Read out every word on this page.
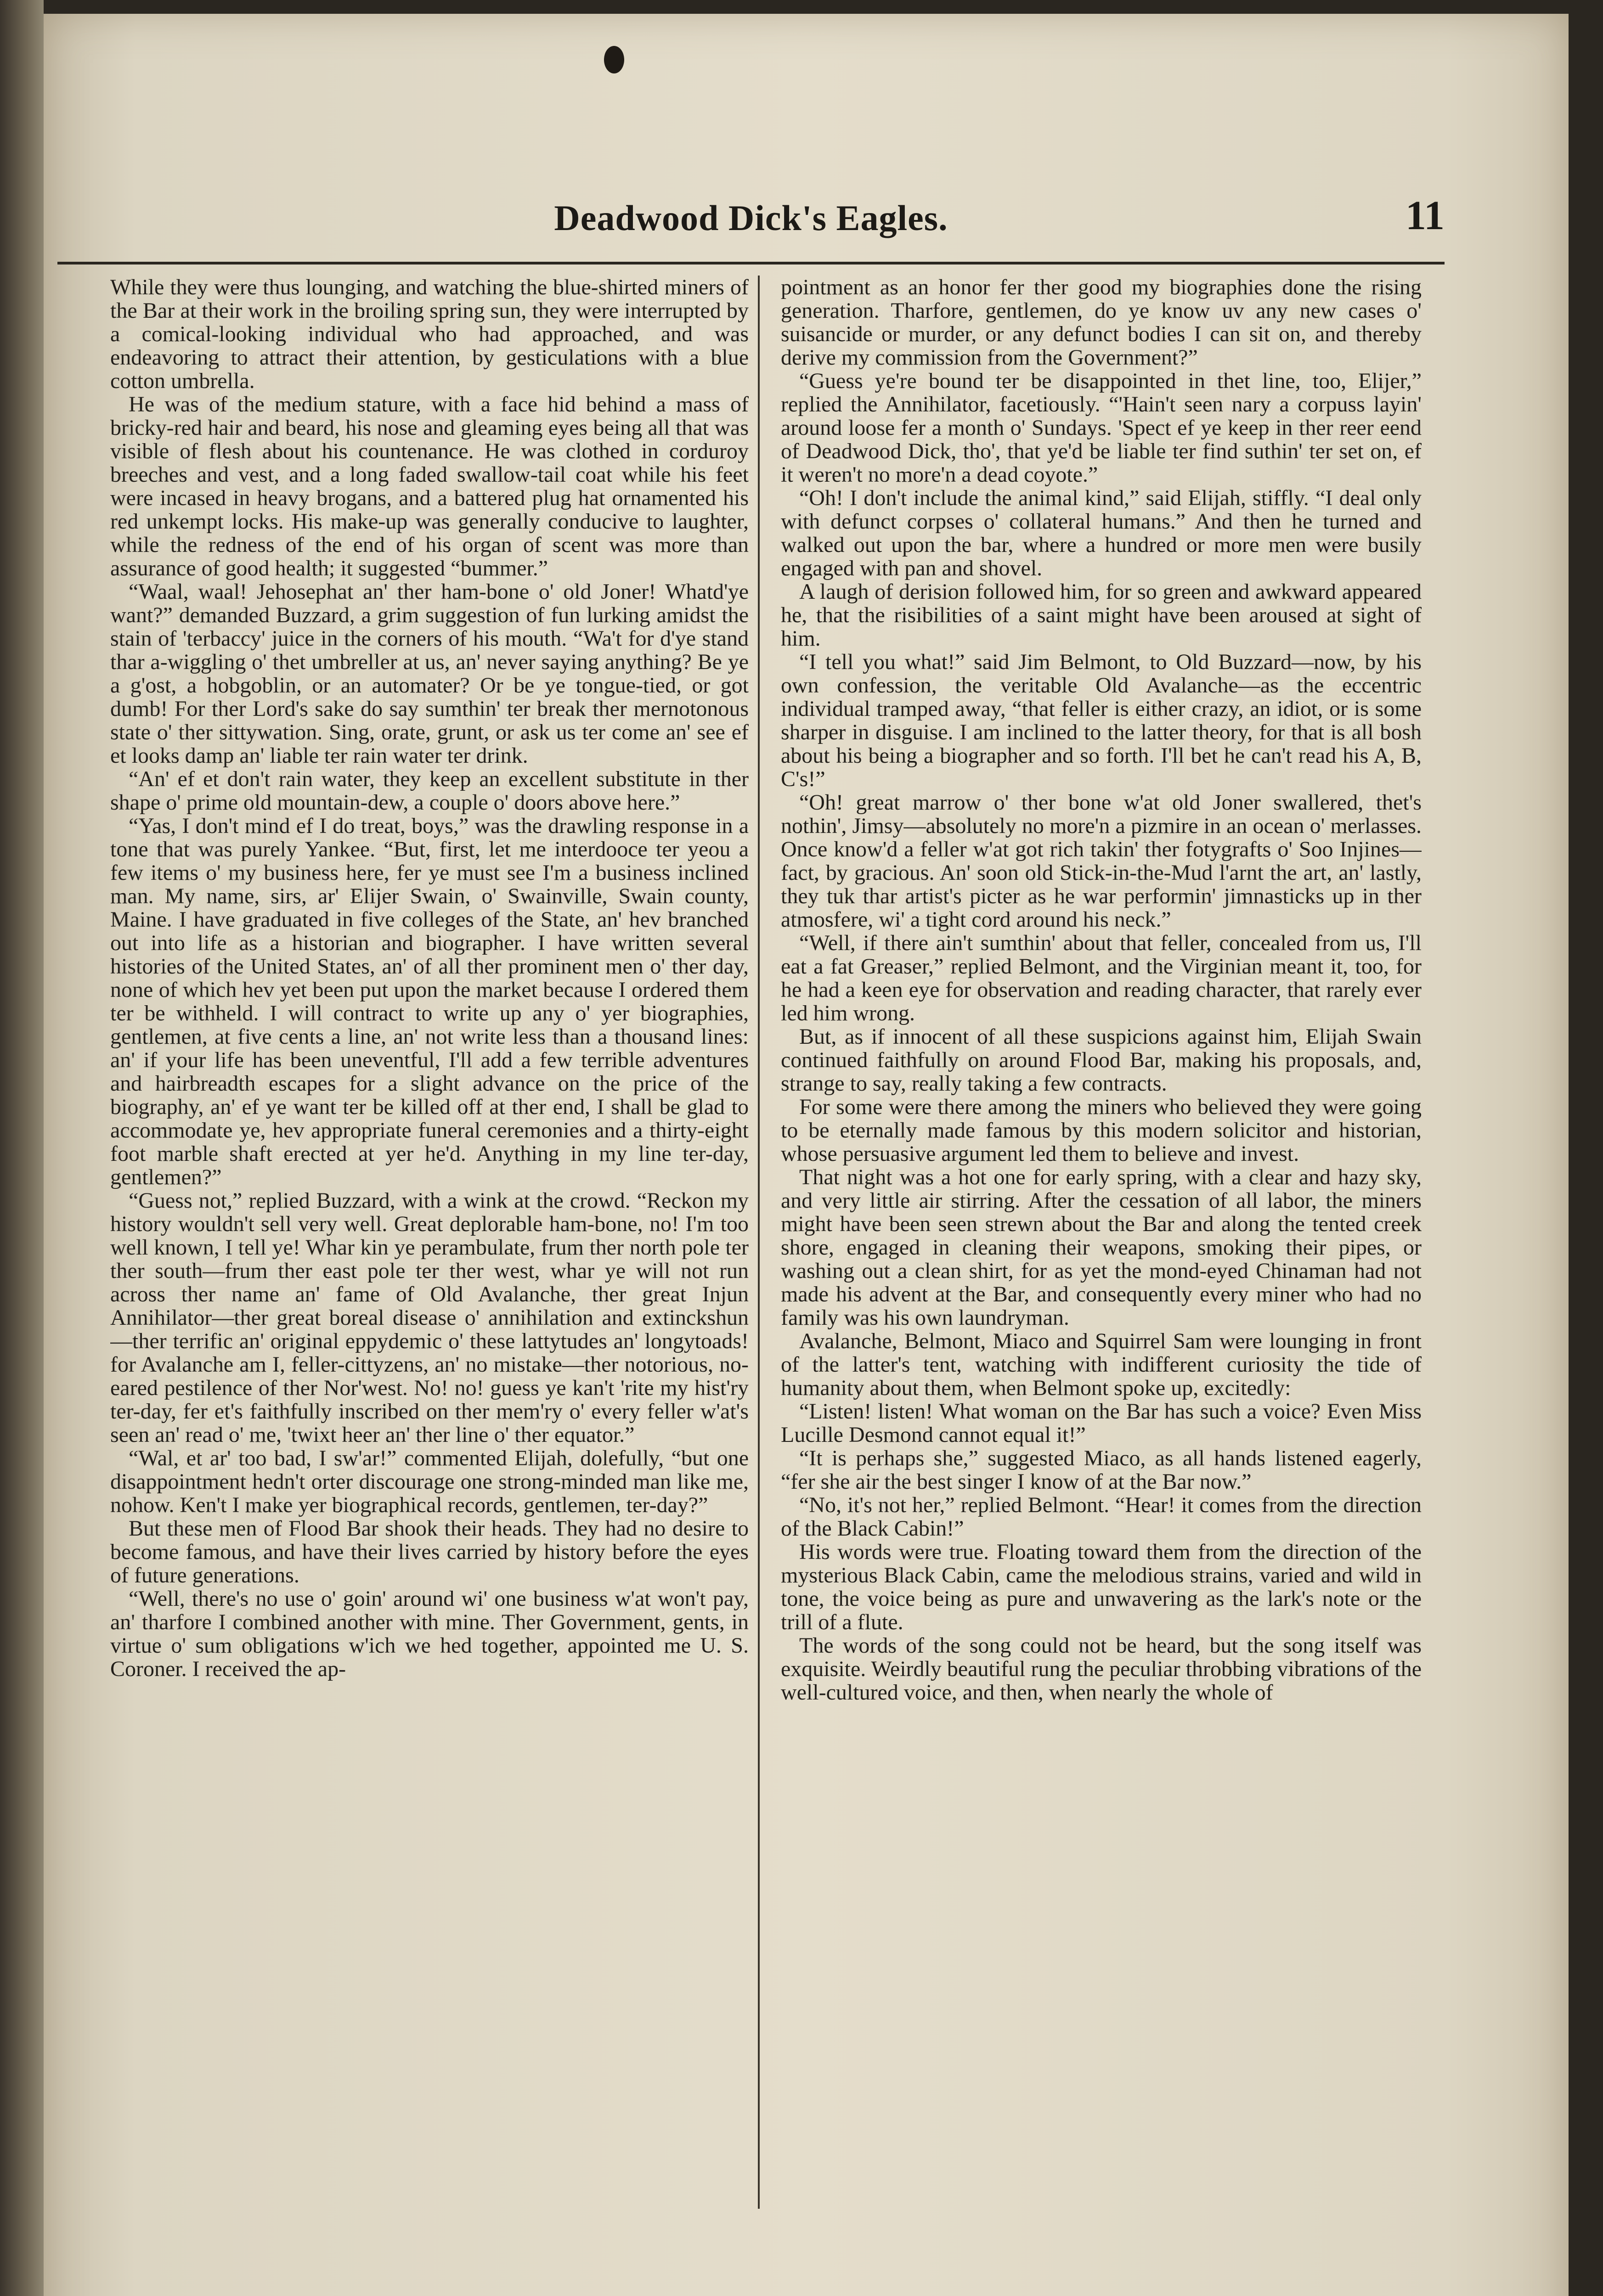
Deadwood Dick's Eagles.	11

While they were thus lounging, and watching the blue-shirted miners of the Bar at their work in the broiling spring sun, they were interrupted by a comical-looking individual who had approached, and was endeavoring to attract their attention, by gesticulations with a blue cotton umbrella.

He was of the medium stature, with a face hid behind a mass of bricky-red hair and beard, his nose and gleaming eyes being all that was visible of flesh about his countenance. He was clothed in corduroy breeches and vest, and a long faded swallow-tail coat while his feet were incased in heavy brogans, and a battered plug hat ornamented his red unkempt locks. His make-up was generally conducive to laughter, while the redness of the end of his organ of scent was more than assurance of good health; it suggested “bummer.”

“Waal, waal! Jehosephat an' ther ham-bone o' old Joner! Whatd'ye want?” demanded Buzzard, a grim suggestion of fun lurking amidst the stain of 'terbaccy' juice in the corners of his mouth. “Wa't for d'ye stand thar a-wiggling o' thet umbreller at us, an' never saying anything? Be ye a g'ost, a hobgoblin, or an automater? Or be ye tongue-tied, or got dumb! For ther Lord's sake do say sumthin' ter break ther mernotonous state o' ther sittywation. Sing, orate, grunt, or ask us ter come an' see ef et looks damp an' liable ter rain water ter drink.

“An' ef et don't rain water, they keep an excellent substitute in ther shape o' prime old mountain-dew, a couple o' doors above here.”

“Yas, I don't mind ef I do treat, boys,” was the drawling response in a tone that was purely Yankee. “But, first, let me interdooce ter yeou a few items o' my business here, fer ye must see I'm a business inclined man. My name, sirs, ar' Elijer Swain, o' Swainville, Swain county, Maine. I have graduated in five colleges of the State, an' hev branched out into life as a historian and biographer. I have written several histories of the United States, an' of all ther prominent men o' ther day, none of which hev yet been put upon the market because I ordered them ter be withheld. I will contract to write up any o' yer biographies, gentlemen, at five cents a line, an' not write less than a thousand lines: an' if your life has been uneventful, I'll add a few terrible adventures and hairbreadth escapes for a slight advance on the price of the biography, an' ef ye want ter be killed off at ther end, I shall be glad to accommodate ye, hev appropriate funeral ceremonies and a thirty-eight foot marble shaft erected at yer he'd. Anything in my line ter-day, gentlemen?”

“Guess not,” replied Buzzard, with a wink at the crowd. “Reckon my history wouldn't sell very well. Great deplorable ham-bone, no! I'm too well known, I tell ye! Whar kin ye perambulate, frum ther north pole ter ther south—frum ther east pole ter ther west, whar ye will not run across ther name an' fame of Old Avalanche, ther great Injun Annihilator—ther great boreal disease o' annihilation and extinckshun—ther terrific an' original eppydemic o' these lattytudes an' longytoads! for Avalanche am I, feller-cittyzens, an' no mistake—ther notorious, no-eared pestilence of ther Nor'west. No! no! guess ye kan't 'rite my hist'ry ter-day, fer et's faithfully inscribed on ther mem'ry o' every feller w'at's seen an' read o' me, 'twixt heer an' ther line o' ther equator.”

“Wal, et ar' too bad, I sw'ar!” commented Elijah, dolefully, “but one disappointment hedn't orter discourage one strong-minded man like me, nohow. Ken't I make yer biographical records, gentlemen, ter-day?”

But these men of Flood Bar shook their heads. They had no desire to become famous, and have their lives carried by history before the eyes of future generations.

“Well, there's no use o' goin' around wi' one business w'at won't pay, an' tharfore I combined another with mine. Ther Government, gents, in virtue o' sum obligations w'ich we hed together, appointed me U. S. Coroner. I received the ap-

pointment as an honor fer ther good my biographies done the rising generation. Tharfore, gentlemen, do ye know uv any new cases o' suisancide or murder, or any defunct bodies I can sit on, and thereby derive my commission from the Government?”

“Guess ye're bound ter be disappointed in thet line, too, Elijer,” replied the Annihilator, facetiously. “'Hain't seen nary a corpuss layin' around loose fer a month o' Sundays. 'Spect ef ye keep in ther reer eend of Deadwood Dick, tho', that ye'd be liable ter find suthin' ter set on, ef it weren't no more'n a dead coyote.”

“Oh! I don't include the animal kind,” said Elijah, stiffly. “I deal only with defunct corpses o' collateral humans.” And then he turned and walked out upon the bar, where a hundred or more men were busily engaged with pan and shovel.

A laugh of derision followed him, for so green and awkward appeared he, that the risibilities of a saint might have been aroused at sight of him.

“I tell you what!” said Jim Belmont, to Old Buzzard—now, by his own confession, the veritable Old Avalanche—as the eccentric individual tramped away, “that feller is either crazy, an idiot, or is some sharper in disguise. I am inclined to the latter theory, for that is all bosh about his being a biographer and so forth. I'll bet he can't read his A, B, C's!”

“Oh! great marrow o' ther bone w'at old Joner swallered, thet's nothin', Jimsy—absolutely no more'n a pizmire in an ocean o' merlasses. Once know'd a feller w'at got rich takin' ther fotygrafts o' Soo Injines—fact, by gracious. An' soon old Stick-in-the-Mud l'arnt the art, an' lastly, they tuk thar artist's picter as he war performin' jimnasticks up in ther atmosfere, wi' a tight cord around his neck.”

“Well, if there ain't sumthin' about that feller, concealed from us, I'll eat a fat Greaser,” replied Belmont, and the Virginian meant it, too, for he had a keen eye for observation and reading character, that rarely ever led him wrong.

But, as if innocent of all these suspicions against him, Elijah Swain continued faithfully on around Flood Bar, making his proposals, and, strange to say, really taking a few contracts.

For some were there among the miners who believed they were going to be eternally made famous by this modern solicitor and historian, whose persuasive argument led them to believe and invest.

That night was a hot one for early spring, with a clear and hazy sky, and very little air stirring. After the cessation of all labor, the miners might have been seen strewn about the Bar and along the tented creek shore, engaged in cleaning their weapons, smoking their pipes, or washing out a clean shirt, for as yet the mond-eyed Chinaman had not made his advent at the Bar, and consequently every miner who had no family was his own laundryman.

Avalanche, Belmont, Miaco and Squirrel Sam were lounging in front of the latter's tent, watching with indifferent curiosity the tide of humanity about them, when Belmont spoke up, excitedly:

“Listen! listen! What woman on the Bar has such a voice? Even Miss Lucille Desmond cannot equal it!”

“It is perhaps she,” suggested Miaco, as all hands listened eagerly, “fer she air the best singer I know of at the Bar now.”

“No, it's not her,” replied Belmont. “Hear! it comes from the direction of the Black Cabin!”

His words were true. Floating toward them from the direction of the mysterious Black Cabin, came the melodious strains, varied and wild in tone, the voice being as pure and unwavering as the lark's note or the trill of a flute.

The words of the song could not be heard, but the song itself was exquisite. Weirdly beautiful rung the peculiar throbbing vibrations of the well-cultured voice, and then, when nearly the whole of
